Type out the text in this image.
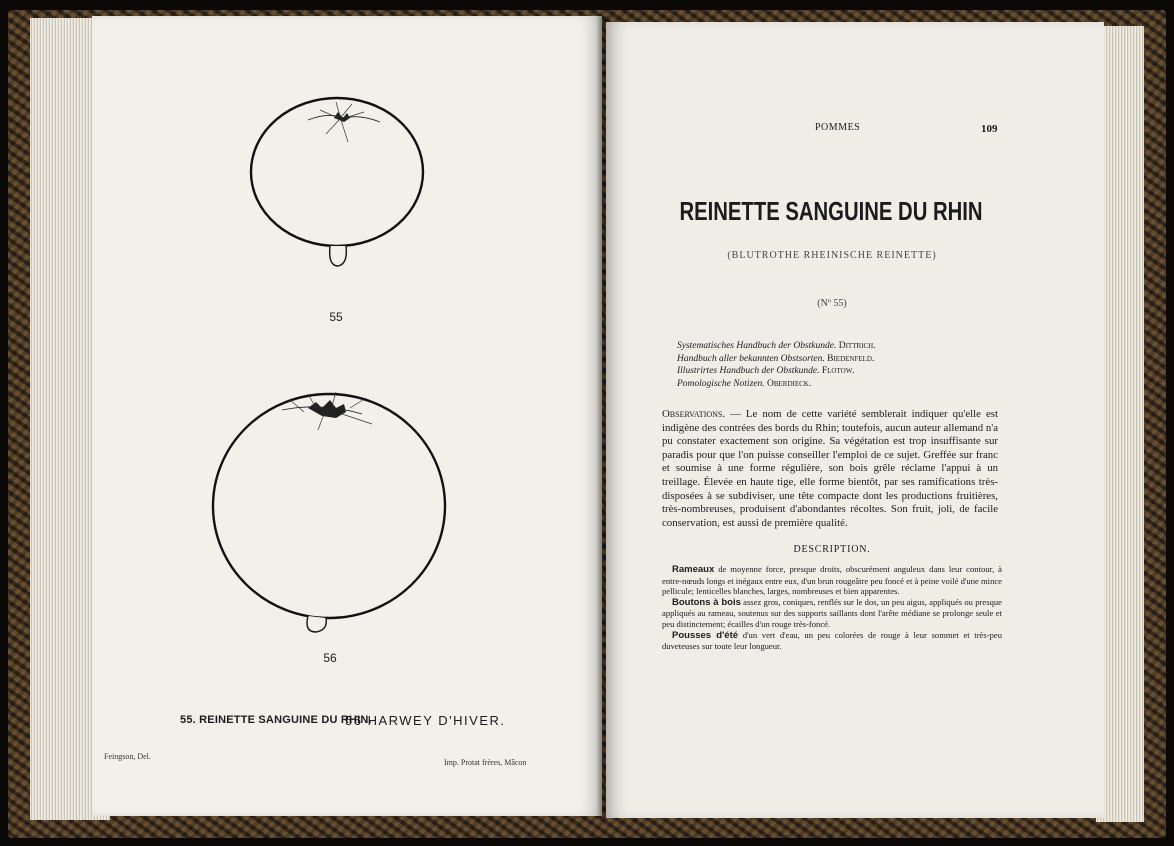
55

56

55. REINETTE SANGUINE DU RHIN.

56 HARWEY D'HIVER.

Feingson, Del.

Imp. Protat frères, Mâcon

POMMES	109

REINETTE SANGUINE DU RHIN

(BLUTROTHE RHEINISCHE REINETTE)

(Nº 55)

Systematisches Handbuch der Obstkunde. Dittrich.
Handbuch aller bekannten Obstsorten. Biedenfeld.
Illustrirtes Handbuch der Obstkunde. Flotow.
Pomologische Notizen. Oberdieck.

Observations. — Le nom de cette variété semblerait indiquer qu'elle est indigène des contrées des bords du Rhin; toutefois, aucun auteur allemand n'a pu constater exactement son origine. Sa végétation est trop insuffisante sur paradis pour que l'on puisse conseiller l'emploi de ce sujet. Greffée sur franc et soumise à une forme régulière, son bois grêle réclame l'appui à un treillage. Élevée en haute tige, elle forme bientôt, par ses ramifications très-disposées à se subdiviser, une tête compacte dont les productions fruitières, très-nombreuses, produisent d'abondantes récoltes. Son fruit, joli, de facile conservation, est aussi de première qualité.

DESCRIPTION.

Rameaux de moyenne force, presque droits, obscurément anguleux dans leur contour, à entre-nœuds longs et inégaux entre eux, d'un brun rougeâtre peu foncé et à peine voilé d'une mince pellicule; lenticelles blanches, larges, nombreuses et bien apparentes.

Boutons à bois assez gros, coniques, renflés sur le dos, un peu aigus, appliqués ou presque appliqués au rameau, soutenus sur des supports saillants dont l'arête médiane se prolonge seule et peu distinctement; écailles d'un rouge très-foncé.

Pousses d'été d'un vert d'eau, un peu colorées de rouge à leur sommet et très-peu duveteuses sur toute leur longueur.
